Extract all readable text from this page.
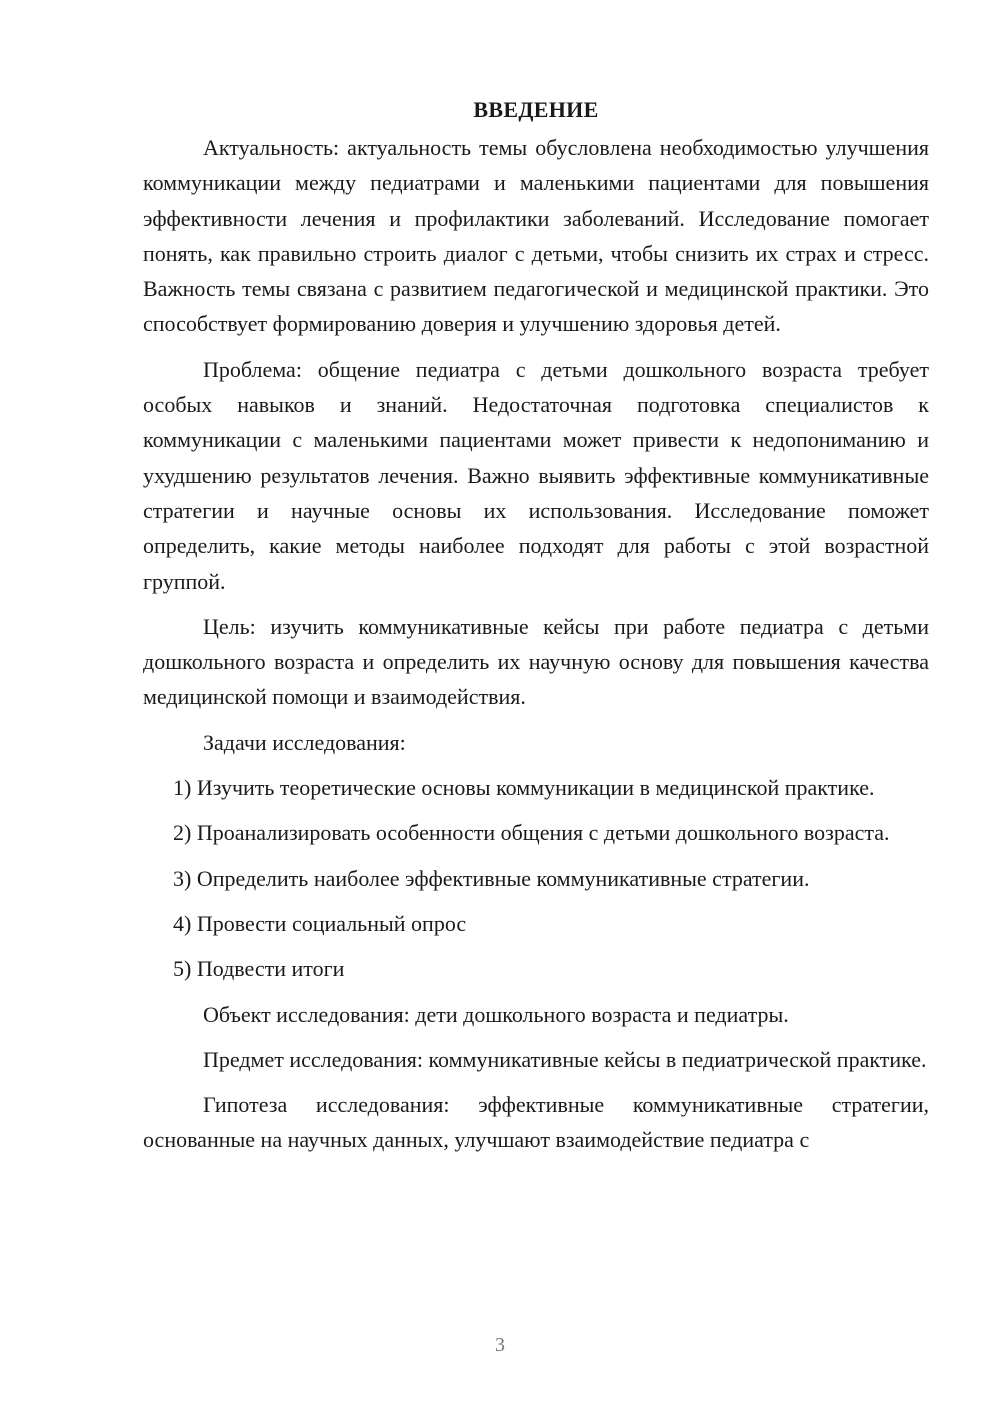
ВВЕДЕНИЕ

Актуальность: актуальность темы обусловлена необходимостью улучшения коммуникации между педиатрами и маленькими пациентами для повышения эффективности лечения и профилактики заболеваний. Исследование помогает понять, как правильно строить диалог с детьми, чтобы снизить их страх и стресс. Важность темы связана с развитием педагогической и медицинской практики. Это способствует формированию доверия и улучшению здоровья детей.

Проблема: общение педиатра с детьми дошкольного возраста требует особых навыков и знаний. Недостаточная подготовка специалистов к коммуникации с маленькими пациентами может привести к недопониманию и ухудшению результатов лечения. Важно выявить эффективные коммуникативные стратегии и научные основы их использования. Исследование поможет определить, какие методы наиболее подходят для работы с этой возрастной группой.

Цель: изучить коммуникативные кейсы при работе педиатра с детьми дошкольного возраста и определить их научную основу для повышения качества медицинской помощи и взаимодействия.

Задачи исследования:

1) Изучить теоретические основы коммуникации в медицинской практике.

2) Проанализировать особенности общения с детьми дошкольного возраста.

3) Определить наиболее эффективные коммуникативные стратегии.

4) Провести социальный опрос

5) Подвести итоги

Объект исследования: дети дошкольного возраста и педиатры.

Предмет исследования: коммуникативные кейсы в педиатрической практике.

Гипотеза исследования: эффективные коммуникативные стратегии, основанные на научных данных, улучшают взаимодействие педиатра с

3
